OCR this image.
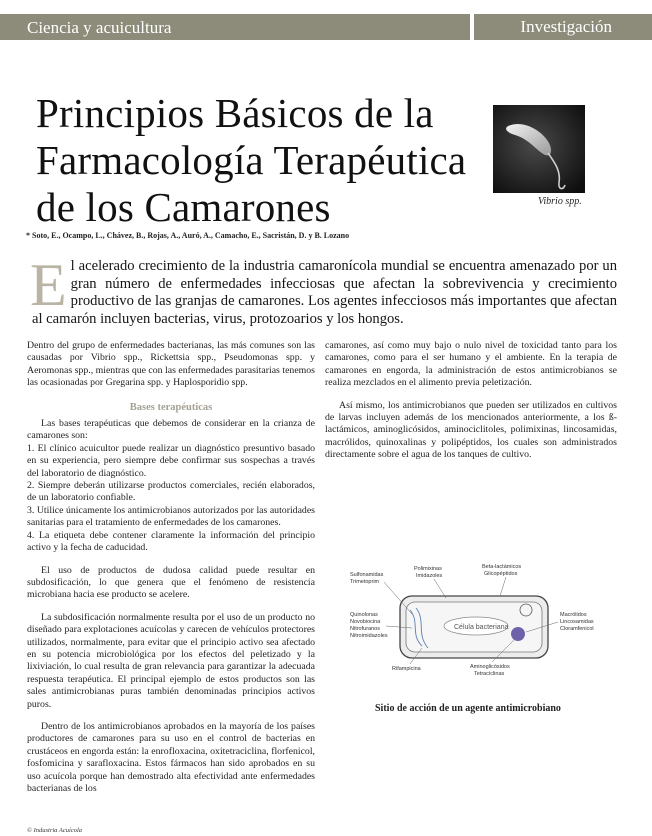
Ciencia y acuicultura	Investigación
Principios Básicos de la Farmacología Terapéutica de los Camarones	Vibrio spp.
* Soto, E., Ocampo, L., Chávez, B., Rojas, A., Auró, A., Camacho, E., Sacristán, D. y B. Lozano

El acelerado crecimiento de la industria camaronícola mundial se encuentra amenazado por un gran número de enfermedades infecciosas que afectan la sobrevivencia y crecimiento productivo de las granjas de camarones. Los agentes infecciosos más importantes que afectan al camarón incluyen bacterias, virus, protozoarios y los hongos.

Dentro del grupo de enfermedades bacterianas, las más comunes son las causadas por Vibrio spp., Rickettsia spp., Pseudomonas spp. y Aeromonas spp., mientras que con las enfermedades parasitarias tenemos las ocasionadas por Gregarina spp. y Haplosporidio spp.

Bases terapéuticas

Las bases terapéuticas que debemos de considerar en la crianza de camarones son:

1. El clínico acuicultor puede realizar un diagnóstico presuntivo basado en su experiencia, pero siempre debe confirmar sus sospechas a través del laboratorio de diagnóstico.

2. Siempre deberán utilizarse productos comerciales, recién elaborados, de un laboratorio confiable.

3. Utilice únicamente los antimicrobianos autorizados por las autoridades sanitarias para el tratamiento de enfermedades de los camarones.

4. La etiqueta debe contener claramente la información del principio activo y la fecha de caducidad.

El uso de productos de dudosa calidad puede resultar en subdosificación, lo que genera que el fenómeno de resistencia microbiana hacia ese producto se acelere.

La subdosificación normalmente resulta por el uso de un producto no diseñado para explotaciones acuícolas y carecen de vehículos protectores utilizados, normalmente, para evitar que el principio activo sea afectado en su potencia microbiológica por los efectos del peletizado y la lixiviación, lo cual resulta de gran relevancia para garantizar la adecuada respuesta terapéutica. El principal ejemplo de estos productos son las sales antimicrobianas puras también denominadas principios activos puros.

Dentro de los antimicrobianos aprobados en la mayoría de los países productores de camarones para su uso en el control de bacterias en crustáceos en engorda están: la enrofloxacina, oxitetraciclina, florfenicol, fosfomicina y sarafloxacina. Estos fármacos han sido aprobados en su uso acuícola porque han demostrado alta efectividad ante enfermedades bacterianas de los

camarones, así como muy bajo o nulo nivel de toxicidad tanto para los camarones, como para el ser humano y el ambiente. En la terapia de camarones en engorda, la administración de estos antimicrobianos se realiza mezclados en el alimento previa peletización.

Así mismo, los antimicrobianos que pueden ser utilizados en cultivos de larvas incluyen además de los mencionados anteriormente, a los ß-lactámicos, aminoglicósidos, aminociclitoles, polimixinas, lincosamidas, macrólidos, quinoxalinas y polipéptidos, los cuales son administrados directamente sobre el agua de los tanques de cultivo.

Célula bacteriana
Sulfonamidas
Trimetoprim
Polimixinas
Imidazoles
Beta-lactámicos
Glicopéptidos
Quinolonas
Novobiocina
Nitrofuranos
Nitroimidazoles
Macrólidos
Lincosamidas
Cloramfenicol
Rifampicina	Aminoglicósidos
Tetraciclinas
Sitio de acción de un agente antimicrobiano
© Industria Acuícola
